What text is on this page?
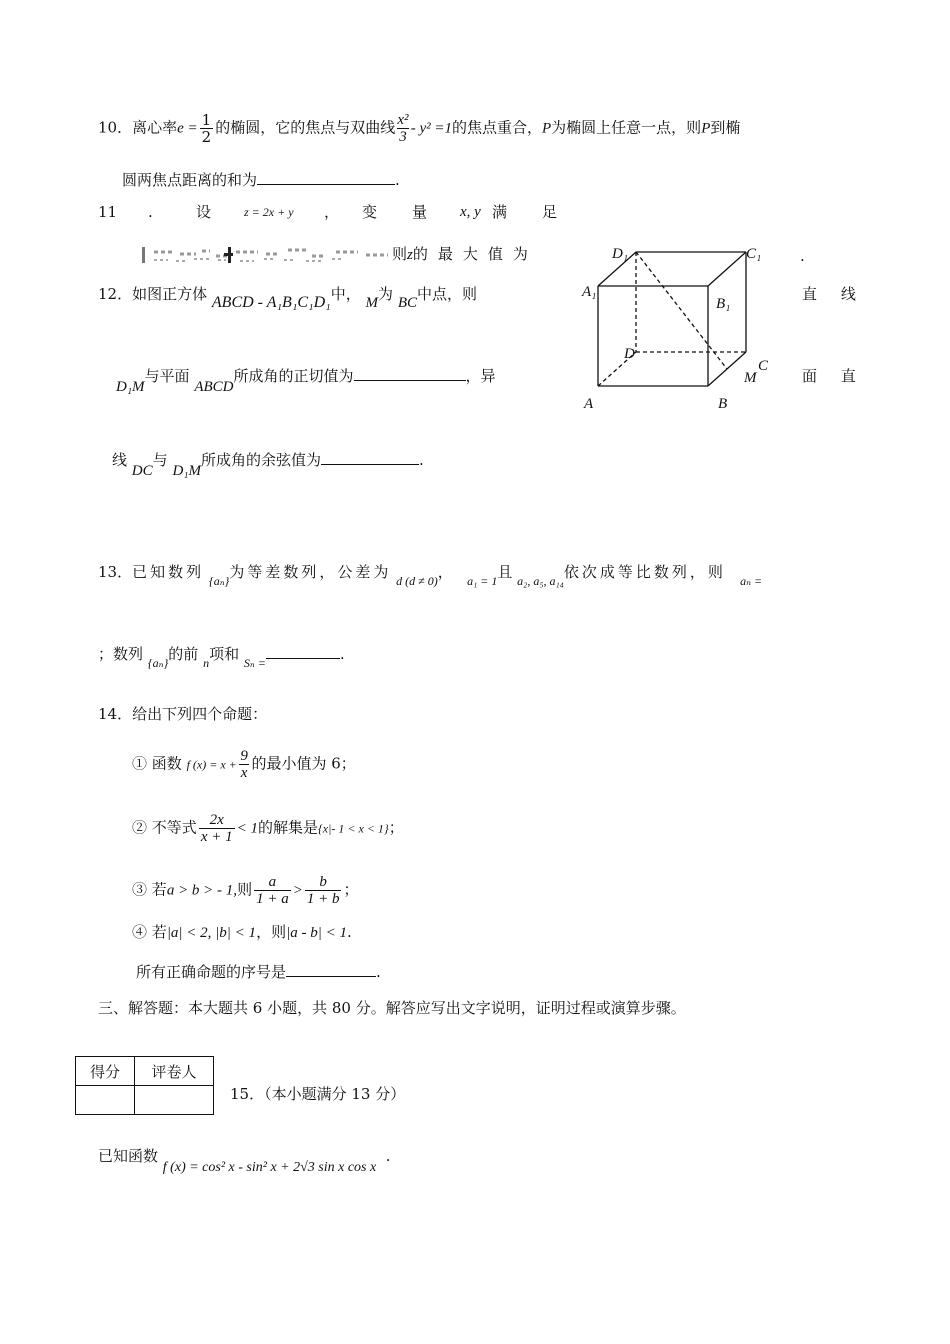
10．离心率$e = \frac{1}{2}$ 的椭圆，它的焦点与双曲线 $\frac{\text{x²}}{3} - y^2 =1$的焦点重合，P为椭圆上任意一点，则P到椭
圆两焦点距离的和为	.
11 .	设	z = 2x + y ， 变 量 x, y 满 足
则z的最大值为	.
12．如图正方体 ABCD - A₁B₁C₁D₁中， M为 BC中点，则	直 线
D₁M与平面 ABCD所成角的正切值为	，异	面 直
线 DC与 D₁M所成角的余弦值为	.
D₁	C₁
A₁
B₁
D
C
M
A	B
13．已知数列 $_{\{a_n\}}$为等差数列，公差为 $_{d (d \ne 0)}$， $_{a_1 = 1}$且 $_{a_2, a_5, a_{14}}$依次成等比数列，则 $_{a_n =}$
；数列 $_{\{a_n\}}$的前 $_n$项和 $_{S_n =}$	.
14．给出下列四个命题：
① 函数 f $(x) = x + \frac{9}{x}$ 的最小值为 6；
② 不等式 $\frac{2x}{x + 1} < 1$的解集是{x|- 1 < x < 1}；
③ 若a > b > - 1,则 $\frac{a}{1 + a} > \frac{b}{1 + b}$ ；
④ 若|a| < 2, |b| < 1，则|a - b| < 1.
所有正确命题的序号是	.
三、解答题：本大题共 6 小题，共 80 分。解答应写出文字说明，证明过程或演算步骤。
得分	评卷人

15．（本小题满分 13 分）
已知函数 f (x) = cos² x - sin² x + 2√3 sin x cos x  .
